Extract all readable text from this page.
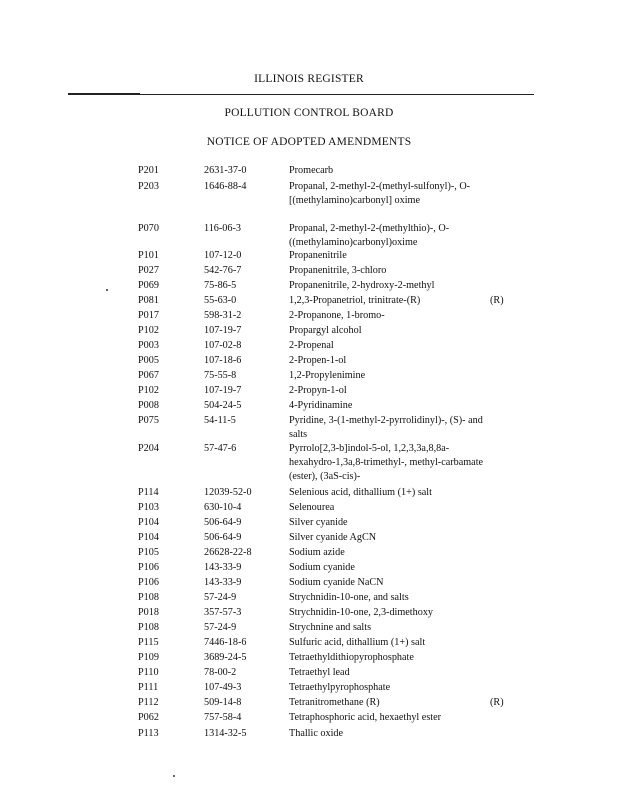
ILLINOIS REGISTER
POLLUTION CONTROL BOARD
NOTICE OF ADOPTED AMENDMENTS
P201	2631-37-0	Promecarb
P203	1646-88-4	Propanal, 2-methyl-2-(methyl-sulfonyl)-, O-[(methylamino)carbonyl] oxime
P070	116-06-3	Propanal, 2-methyl-2-(methylthio)-, O-((methylamino)carbonyl)oxime
P101	107-12-0	Propanenitrile
P027	542-76-7	Propanenitrile, 3-chloro
P069	75-86-5	Propanenitrile, 2-hydroxy-2-methyl
P081	55-63-0	1,2,3-Propanetriol, trinitrate-(R)	(R)
P017	598-31-2	2-Propanone, 1-bromo-
P102	107-19-7	Propargyl alcohol
P003	107-02-8	2-Propenal
P005	107-18-6	2-Propen-1-ol
P067	75-55-8	1,2-Propylenimine
P102	107-19-7	2-Propyn-1-ol
P008	504-24-5	4-Pyridinamine
P075	54-11-5	Pyridine, 3-(1-methyl-2-pyrrolidinyl)-, (S)- and salts
P204	57-47-6	Pyrrolo[2,3-b]indol-5-ol, 1,2,3,3a,8,8a-hexahydro-1,3a,8-trimethyl-, methyl-carbamate (ester), (3aS-cis)-
P114	12039-52-0	Selenious acid, dithallium (1+) salt
P103	630-10-4	Selenourea
P104	506-64-9	Silver cyanide
P104	506-64-9	Silver cyanide AgCN
P105	26628-22-8	Sodium azide
P106	143-33-9	Sodium cyanide
P106	143-33-9	Sodium cyanide NaCN
P108	57-24-9	Strychnidin-10-one, and salts
P018	357-57-3	Strychnidin-10-one, 2,3-dimethoxy
P108	57-24-9	Strychnine and salts
P115	7446-18-6	Sulfuric acid, dithallium (1+) salt
P109	3689-24-5	Tetraethyldithiopyrophosphate
P110	78-00-2	Tetraethyl lead
P111	107-49-3	Tetraethylpyrophosphate
P112	509-14-8	Tetranitromethane (R)	(R)
P062	757-58-4	Tetraphosphoric acid, hexaethyl ester
P113	1314-32-5	Thallic oxide
